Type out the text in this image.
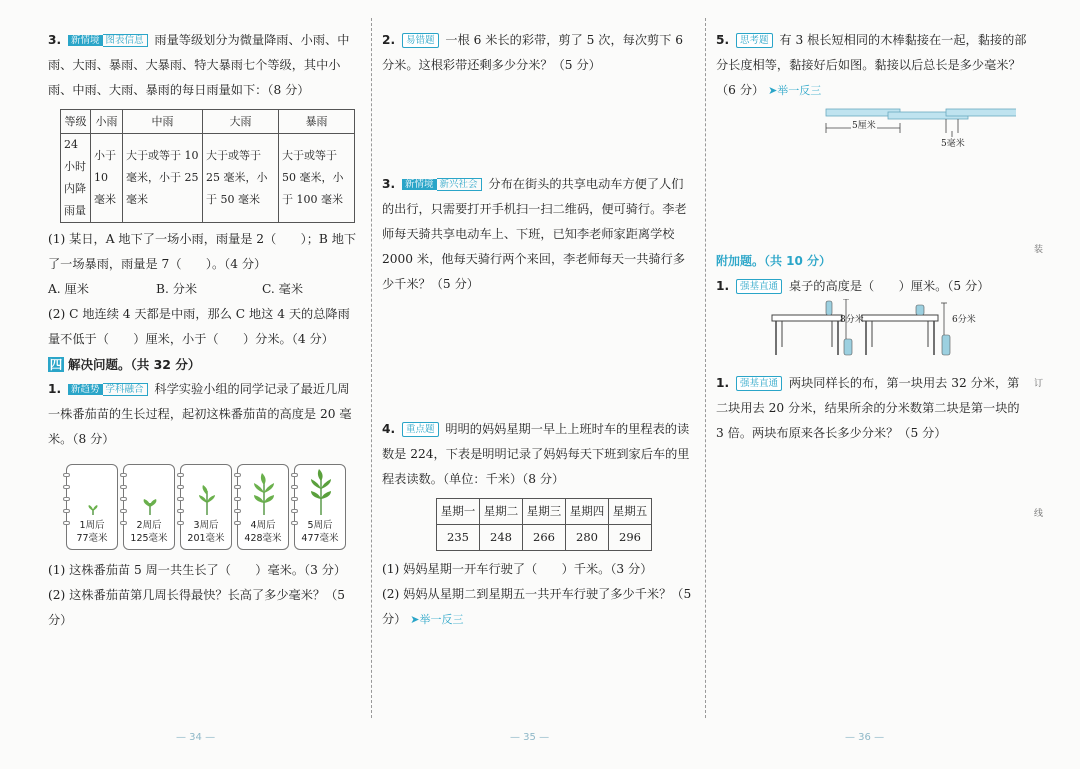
3. 新情境 图表信息 雨量等级划分为微量降雨、小雨、中雨、大雨、暴雨、大暴雨、特大暴雨七个等级，其中小雨、中雨、大雨、暴雨的每日雨量如下：（8 分）

等级	小雨	中雨	大雨	暴雨
24 小时内降雨量	小于 10 毫米	大于或等于 10 毫米，小于 25 毫米	大于或等于 25 毫米，小于 50 毫米	大于或等于 50 毫米，小于 100 毫米

(1) 某日，A 地下了一场小雨，雨量是 2（　　）；B 地下了一场暴雨，雨量是 7（　　）。（4 分）

A. 厘米	B. 分米	C. 毫米

(2) C 地连续 4 天都是中雨，那么 C 地这 4 天的总降雨量不低于（　　）厘米，小于（　　）分米。（4 分）

四 解决问题。（共 32 分）

1. 新趋势 学科融合 科学实验小组的同学记录了最近几周一株番茄苗的生长过程，起初这株番茄苗的高度是 20 毫米。（8 分）

1周后
77毫米
2周后
125毫米
3周后
201毫米
4周后
428毫米
5周后
477毫米

(1) 这株番茄苗 5 周一共生长了（　　）毫米。（3 分）

(2) 这株番茄苗第几周长得最快？长高了多少毫米？（5 分）

2. 易错题 一根 6 米长的彩带，剪了 5 次，每次剪下 6 分米。这根彩带还剩多少分米？（5 分）

3. 新情境 新兴社会 分布在街头的共享电动车方便了人们的出行，只需要打开手机扫一扫二维码，便可骑行。李老师每天骑共享电动车上、下班，已知李老师家距离学校 2000 米，他每天骑行两个来回，李老师每天一共骑行多少千米？（5 分）

4. 重点题 明明的妈妈星期一早上上班时车的里程表的读数是 224，下表是明明记录了妈妈每天下班到家后车的里程表读数。（单位：千米）（8 分）

星期一	星期二	星期三	星期四	星期五
235	248	266	280	296

(1) 妈妈星期一开车行驶了（　　）千米。（3 分）

(2) 妈妈从星期二到星期五一共开车行驶了多少千米？（5 分） ➤举一反三

5. 思考题 有 3 根长短相同的木棒黏接在一起，黏接的部分长度相等，黏接好后如图。黏接以后总长是多少毫米？（6 分） ➤举一反三

5厘米
5毫米

附加题。（共 10 分）

1. 强基直通 桌子的高度是（　　）厘米。（5 分）

8分米	6分米

1. 强基直通 两块同样长的布，第一块用去 32 分米，第二块用去 20 分米，结果所余的分米数第二块是第一块的 3 倍。两块布原来各长多少分米？（5 分）

— 34 —	— 35 —	— 36 —
装
订
线
